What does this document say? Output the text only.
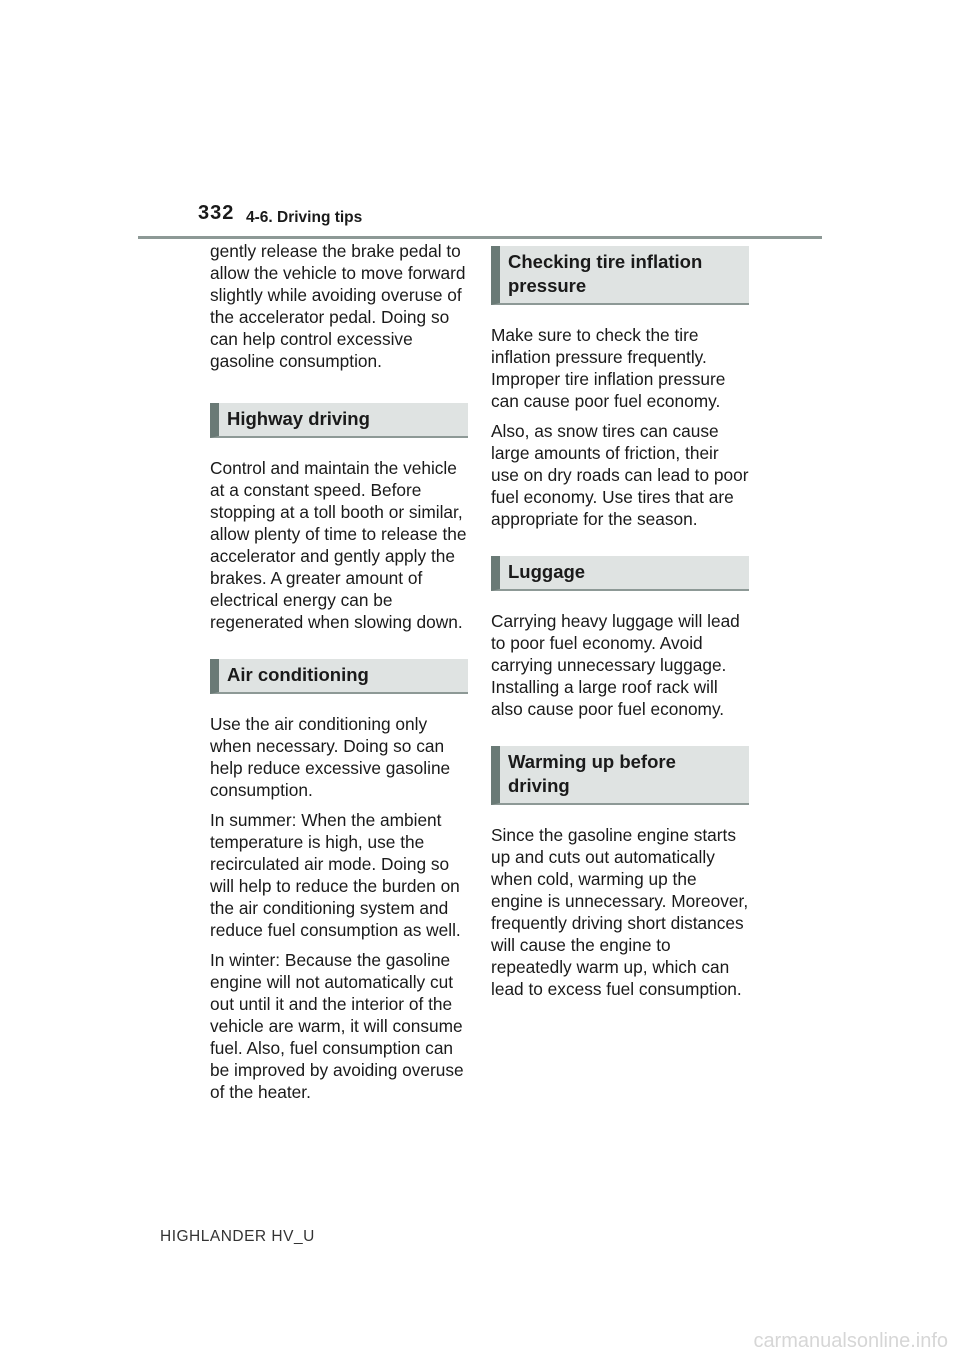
332 4-6. Driving tips

gently release the brake pedal to allow the vehicle to move forward slightly while avoiding overuse of the accelerator pedal. Doing so can help control excessive gasoline consumption.

Highway driving

Control and maintain the vehicle at a constant speed. Before stopping at a toll booth or similar, allow plenty of time to release the accelerator and gently apply the brakes. A greater amount of electrical energy can be regenerated when slowing down.

Air conditioning

Use the air conditioning only when necessary. Doing so can help reduce excessive gasoline consumption.

In summer: When the ambient temperature is high, use the recirculated air mode. Doing so will help to reduce the burden on the air conditioning system and reduce fuel consumption as well.

In winter: Because the gasoline engine will not automatically cut out until it and the interior of the vehicle are warm, it will consume fuel. Also, fuel consumption can be improved by avoiding overuse of the heater.

Checking tire inflation pressure

Make sure to check the tire inflation pressure frequently. Improper tire inflation pressure can cause poor fuel economy.

Also, as snow tires can cause large amounts of friction, their use on dry roads can lead to poor fuel economy. Use tires that are appropriate for the season.

Luggage

Carrying heavy luggage will lead to poor fuel economy. Avoid carrying unnecessary luggage. Installing a large roof rack will also cause poor fuel economy.

Warming up before driving

Since the gasoline engine starts up and cuts out automatically when cold, warming up the engine is unnecessary. Moreover, frequently driving short distances will cause the engine to repeatedly warm up, which can lead to excess fuel consumption.

HIGHLANDER HV_U
carmanualsonline.info
